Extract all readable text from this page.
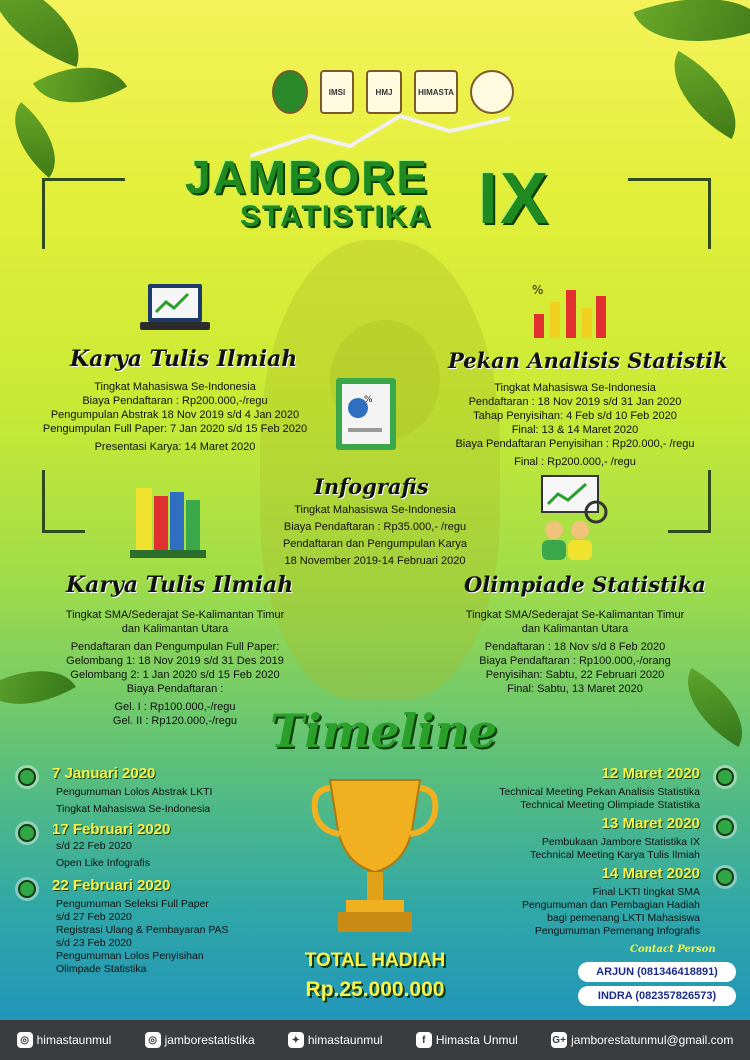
IMSI	HMJ	HIMASTA
JAMBORE
STATISTIKA IX
%
%
Karya Tulis Ilmiah
Tingkat Mahasiswa Se-Indonesia
Biaya Pendaftaran : Rp200.000,-/regu
Pengumpulan Abstrak 18 Nov 2019 s/d 4 Jan 2020
Pengumpulan Full Paper: 7 Jan 2020 s/d 15 Feb 2020
Presentasi Karya: 14 Maret 2020
Pekan Analisis Statistik
Tingkat Mahasiswa Se-Indonesia
Pendaftaran : 18 Nov 2019 s/d 31 Jan 2020
Tahap Penyisihan: 4 Feb s/d 10 Feb 2020
Final: 13 & 14 Maret 2020
Biaya Pendaftaran Penyisihan : Rp20.000,- /regu
Final : Rp200.000,- /regu
Infografis
Tingkat Mahasiswa Se-Indonesia
Biaya Pendaftaran : Rp35.000,- /regu
Pendaftaran dan Pengumpulan Karya
18 November 2019-14 Februari 2020
Karya Tulis Ilmiah
Tingkat SMA/Sederajat Se-Kalimantan Timur
dan Kalimantan Utara
Pendaftaran dan Pengumpulan Full Paper:
Gelombang 1: 18 Nov 2019 s/d 31 Des 2019
Gelombang 2: 1 Jan 2020 s/d 15 Feb 2020
Biaya Pendaftaran :
Gel. I : Rp100.000,-/regu
Gel. II : Rp120.000,-/regu
Olimpiade Statistika
Tingkat SMA/Sederajat Se-Kalimantan Timur
dan Kalimantan Utara
Pendaftaran : 18 Nov s/d 8 Feb 2020
Biaya Pendaftaran : Rp100.000,-/orang
Penyisihan: Sabtu, 22 Februari 2020
Final: Sabtu, 13 Maret 2020
Timeline
7 Januari 2020
Pengumuman Lolos Abstrak LKTI
Tingkat Mahasiswa Se-Indonesia
17 Februari 2020
s/d 22 Feb 2020
Open Like Infografis
22 Februari 2020
Pengumuman Seleksi Full Paper
s/d 27 Feb 2020
Registrasi Ulang & Pembayaran PAS
s/d 23 Feb 2020
Pengumuman Lolos Penyisihan
Olimpade Statistika
12 Maret 2020
Technical Meeting Pekan Analisis Statistika
Technical Meeting Olimpiade Statistika
13 Maret 2020
Pembukaan Jambore Statistika IX
Technical Meeting Karya Tulis Ilmiah
14 Maret 2020
Final LKTI tingkat SMA
Pengumuman dan Pembagian Hadiah
bagi pemenang LKTI Mahasiswa
Pengumuman Pemenang Infografis
TOTAL HADIAH
Rp.25.000.000
Contact Person
ARJUN (081346418891)
INDRA (082357826573)
◎ himastaunmul	◎ jamborestatistika	✦ himastaunmul	f Himasta Unmul	G+ jamborestatunmul@gmail.com
